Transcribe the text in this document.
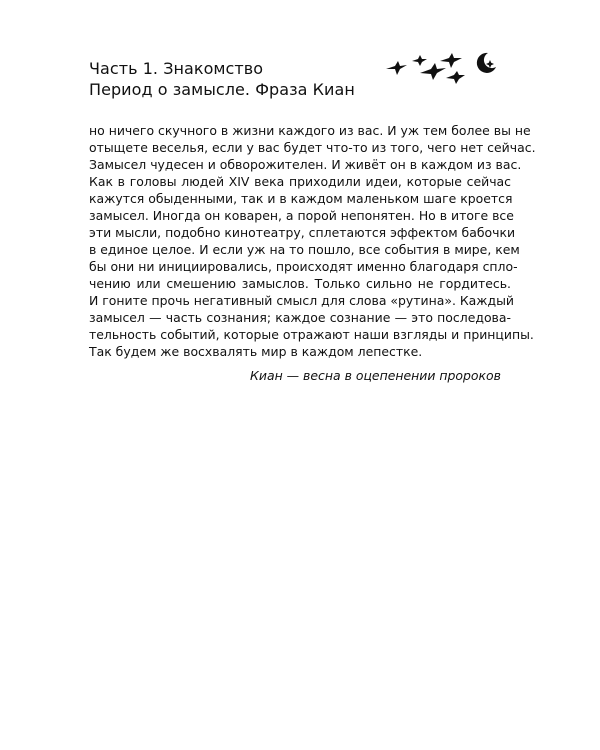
Часть 1. Знакомство
Период о замысле. Фраза Киан
но ничего скучного в жизни каждого из вас. И уж тем более вы не
отыщете веселья, если у вас будет что-то из того, чего нет сейчас.
Замысел чудесен и обворожителен. И живёт он в каждом из вас.
Как в головы людей XIV века приходили идеи, которые сейчас
кажутся обыденными, так и в каждом маленьком шаге кроется
замысел. Иногда он коварен, а порой непонятен. Но в итоге все
эти мысли, подобно кинотеатру, сплетаются эффектом бабочки
в единое целое. И если уж на то пошло, все события в мире, кем
бы они ни инициировались, происходят именно благодаря спло-
чению или смешению замыслов. Только сильно не гордитесь.
И гоните прочь негативный смысл для слова «рутина». Каждый
замысел — часть сознания; каждое сознание — это последова-
тельность событий, которые отражают наши взгляды и принципы.
Так будем же восхвалять мир в каждом лепестке.
Киан — весна в оцепенении пророков
